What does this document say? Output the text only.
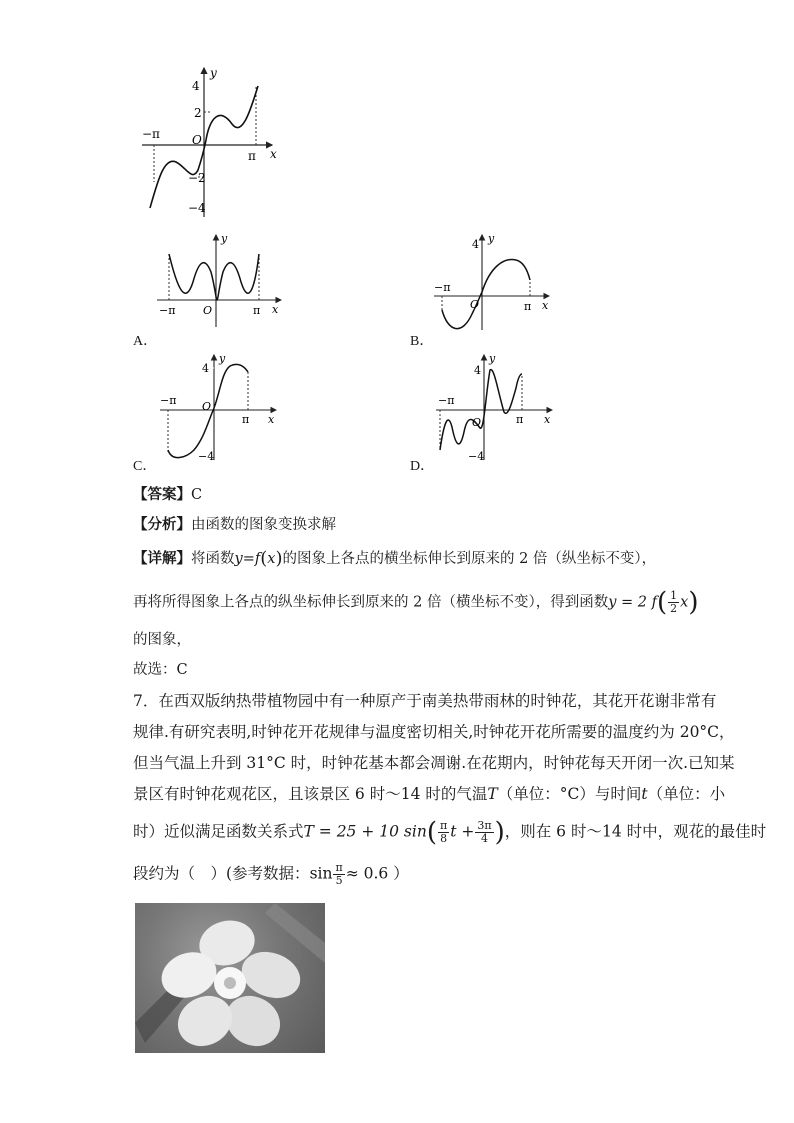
y
x
O
−π
π
4
2
−2
−4
y
x
O
−π	π
A．
y
4
x
O
−π
π
B．
y
4
−4
x
O
−π
π
C．
y
4
−4
x
O
−π
π
D．
【答案】C
【分析】由函数的图象变换求解
【详解】将函数y=f(x)的图象上各点的横坐标伸长到原来的 2 倍（纵坐标不变），
再将所得图象上各点的纵坐标伸长到原来的 2 倍（横坐标不变），得到函数y = 2 $f( \frac{1}{2} x)$
的图象，
故选：C
7．在西双版纳热带植物园中有一种原产于南美热带雨林的时钟花，其花开花谢非常有
规律.有研究表明,时钟花开花规律与温度密切相关,时钟花开花所需要的温度约为 20°C，
但当气温上升到 31°C 时，时钟花基本都会凋谢.在花期内，时钟花每天开闭一次.已知某
景区有时钟花观花区，且该景区 6 时～14 时的气温T（单位：°C）与时间t（单位：小
时）近似满足函数关系式T = 25 + 10 $\sin( \frac{\pi}{8}$ $t + \frac{3\pi}{4}$ )，则在 6 时～14 时中，观花的最佳时
段约为（　）(参考数据：$\sin \frac{\pi}{5} \approx 0.6$ ）
